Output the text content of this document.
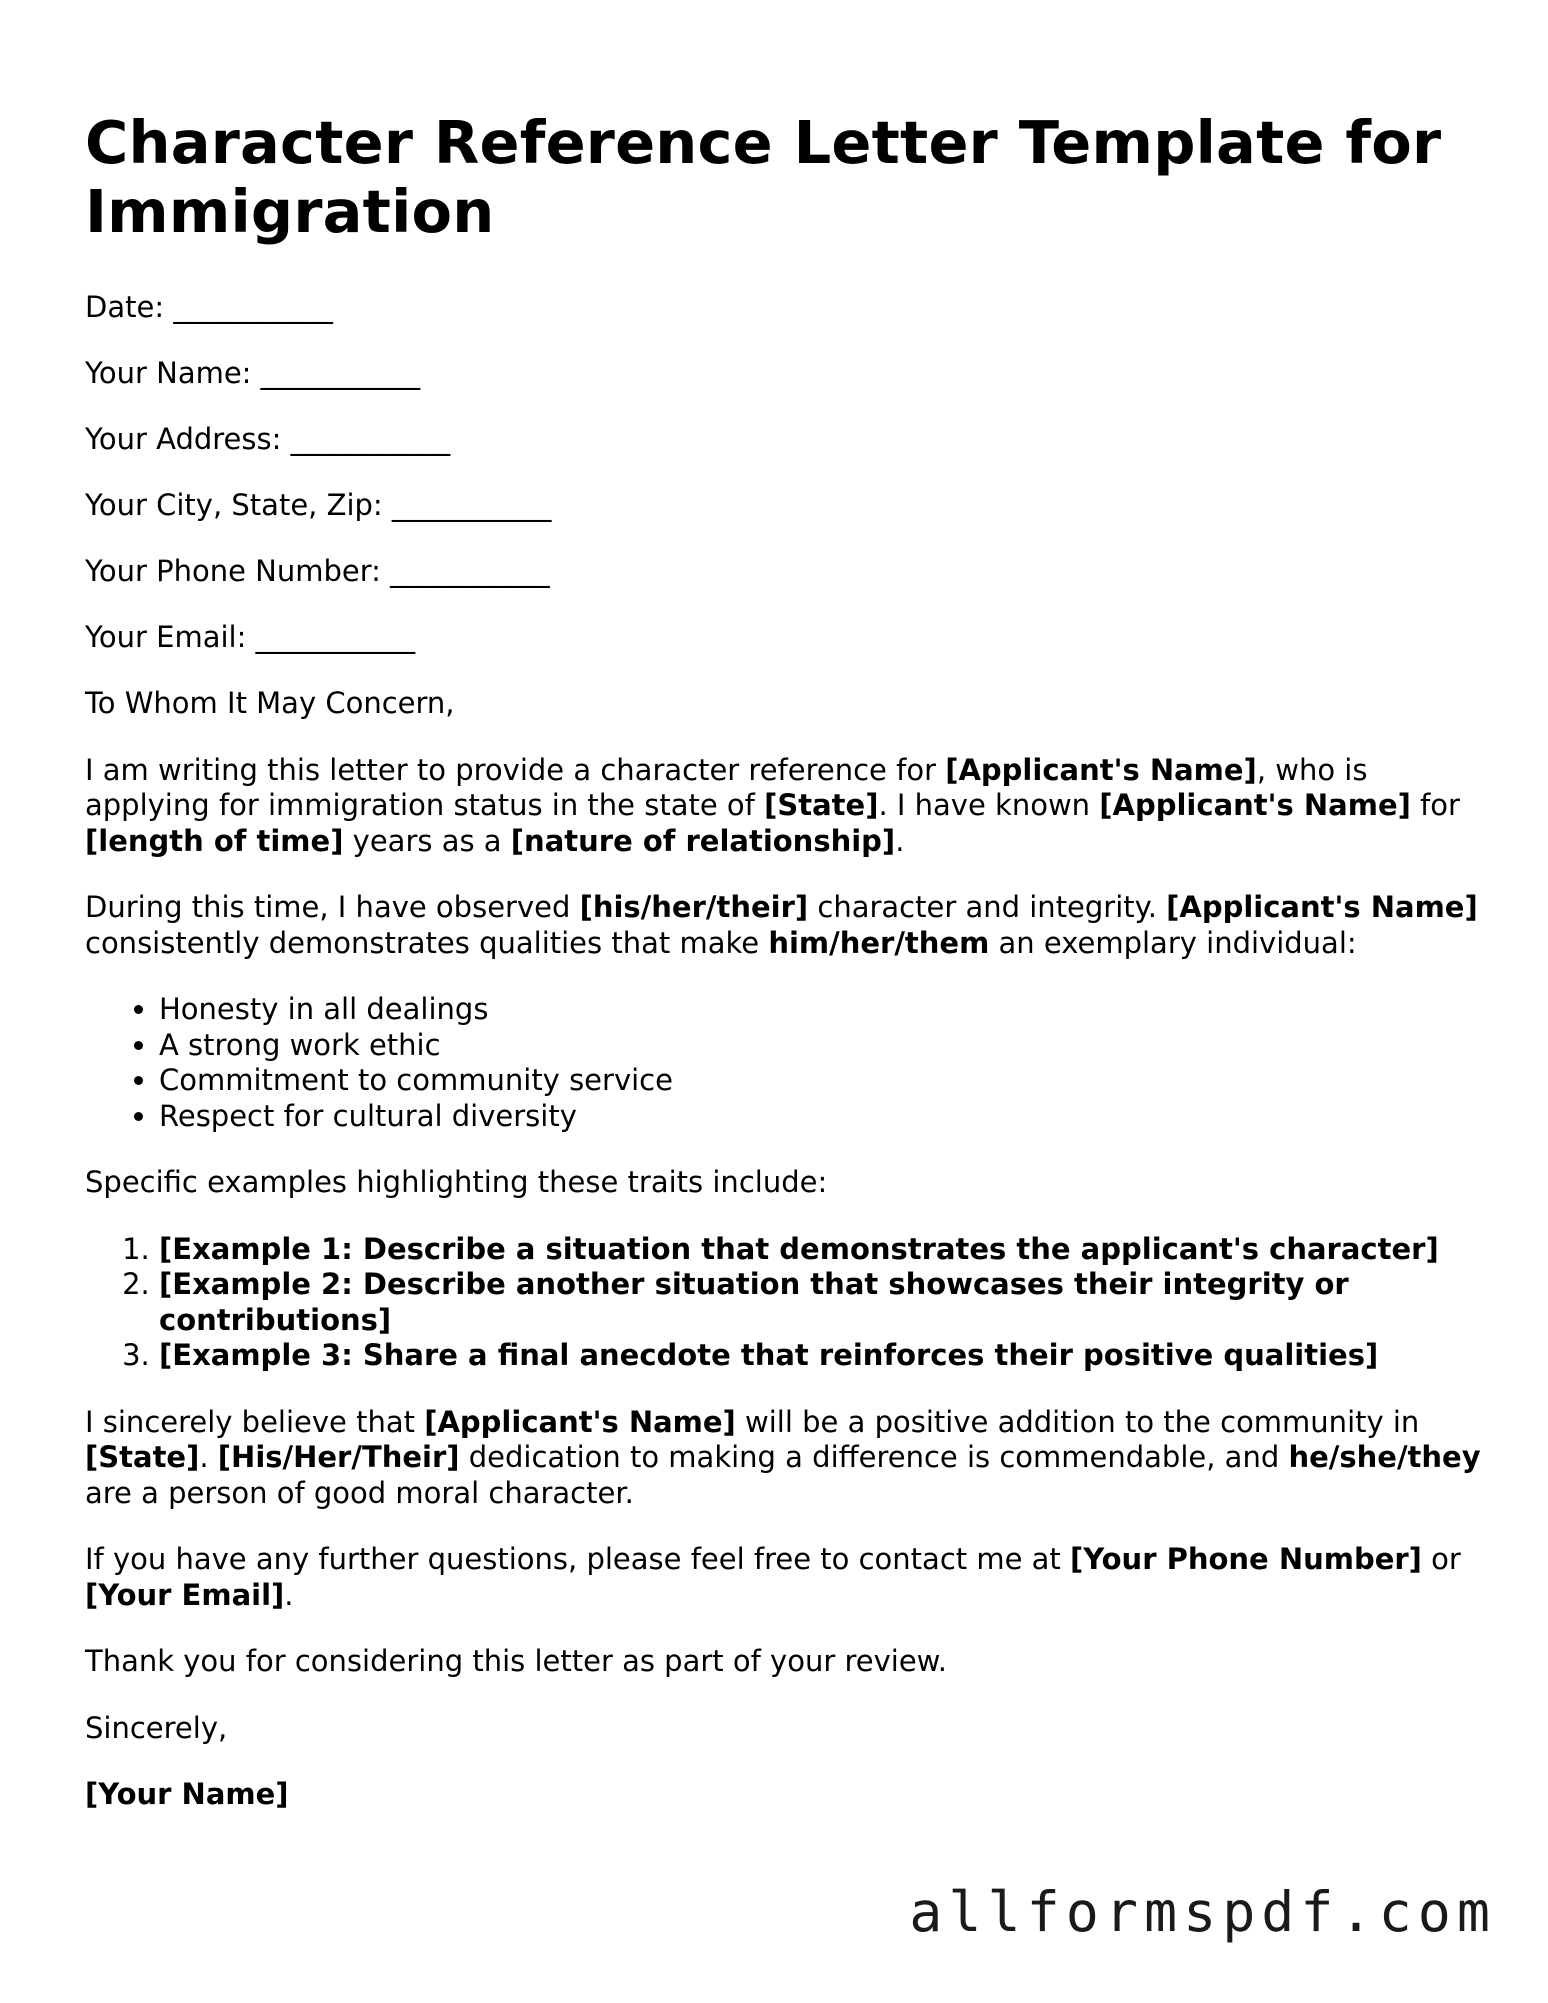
Character Reference Letter Template for Immigration
Date: ___________
Your Name: ___________
Your Address: ___________
Your City, State, Zip: ___________
Your Phone Number: ___________
Your Email: ___________

To Whom It May Concern,

I am writing this letter to provide a character reference for [Applicant's Name], who is applying for immigration status in the state of [State]. I have known [Applicant's Name] for [length of time] years as a [nature of relationship].

During this time, I have observed [his/her/their] character and integrity. [Applicant's Name] consistently demonstrates qualities that make him/her/them an exemplary individual:

• Honesty in all dealings
• A strong work ethic
• Commitment to community service
• Respect for cultural diversity

Specific examples highlighting these traits include:

1. [Example 1: Describe a situation that demonstrates the applicant's character]
2. [Example 2: Describe another situation that showcases their integrity or contributions]
3. [Example 3: Share a final anecdote that reinforces their positive qualities]

I sincerely believe that [Applicant's Name] will be a positive addition to the community in [State]. [His/Her/Their] dedication to making a difference is commendable, and he/she/they are a person of good moral character.

If you have any further questions, please feel free to contact me at [Your Phone Number] or [Your Email].

Thank you for considering this letter as part of your review.

Sincerely,

[Your Name]

allformspdf.com
